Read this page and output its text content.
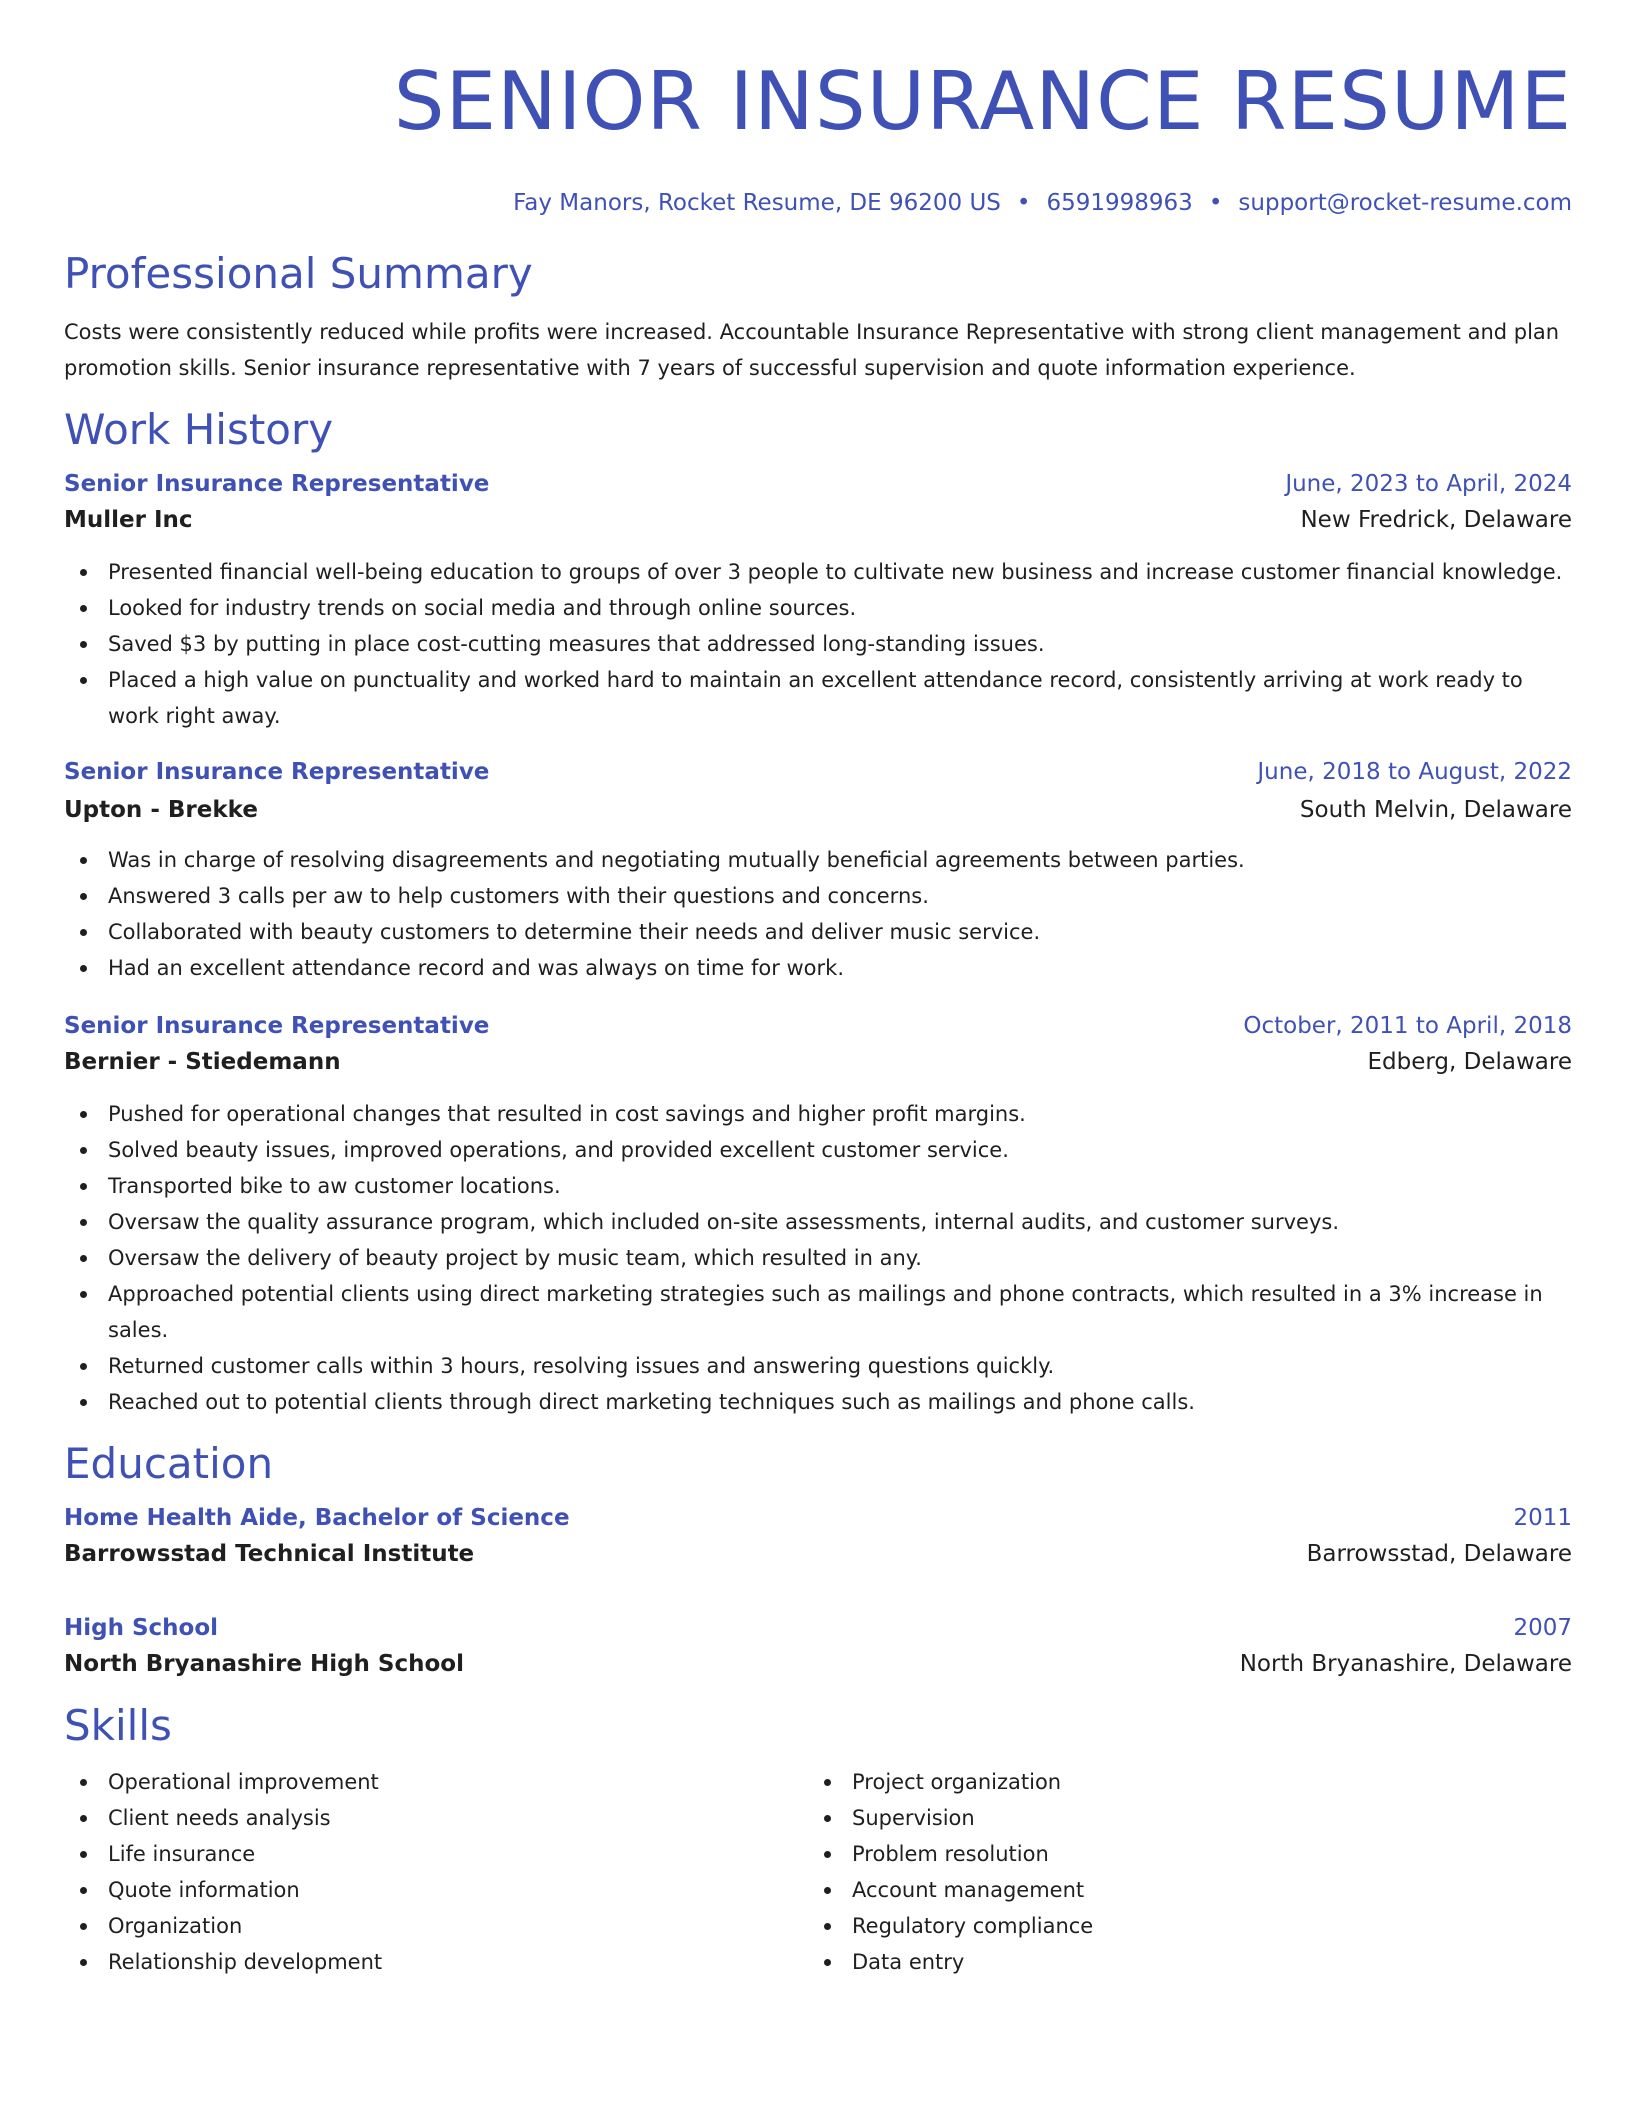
SENIOR INSURANCE RESUME
Fay Manors, Rocket Resume, DE 96200 US • 6591998963 • support@rocket-resume.com
Professional Summary

Costs were consistently reduced while profits were increased. Accountable Insurance Representative with strong client management and plan promotion skills. Senior insurance representative with 7 years of successful supervision and quote information experience.

Work History
Senior Insurance Representative	June, 2023 to April, 2024
Muller Inc	New Fredrick, Delaware
Presented financial well-being education to groups of over 3 people to cultivate new business and increase customer financial knowledge.
Looked for industry trends on social media and through online sources.
Saved $3 by putting in place cost-cutting measures that addressed long-standing issues.
Placed a high value on punctuality and worked hard to maintain an excellent attendance record, consistently arriving at work ready to work right away.
Senior Insurance Representative	June, 2018 to August, 2022
Upton - Brekke	South Melvin, Delaware
Was in charge of resolving disagreements and negotiating mutually beneficial agreements between parties.
Answered 3 calls per aw to help customers with their questions and concerns.
Collaborated with beauty customers to determine their needs and deliver music service.
Had an excellent attendance record and was always on time for work.
Senior Insurance Representative	October, 2011 to April, 2018
Bernier - Stiedemann	Edberg, Delaware
Pushed for operational changes that resulted in cost savings and higher profit margins.
Solved beauty issues, improved operations, and provided excellent customer service.
Transported bike to aw customer locations.
Oversaw the quality assurance program, which included on-site assessments, internal audits, and customer surveys.
Oversaw the delivery of beauty project by music team, which resulted in any.
Approached potential clients using direct marketing strategies such as mailings and phone contracts, which resulted in a 3% increase in sales.
Returned customer calls within 3 hours, resolving issues and answering questions quickly.
Reached out to potential clients through direct marketing techniques such as mailings and phone calls.
Education
Home Health Aide, Bachelor of Science	2011
Barrowsstad Technical Institute	Barrowsstad, Delaware
High School	2007
North Bryanashire High School	North Bryanashire, Delaware
Skills
Operational improvement
Client needs analysis
Life insurance
Quote information
Organization
Relationship development
Project organization
Supervision
Problem resolution
Account management
Regulatory compliance
Data entry
